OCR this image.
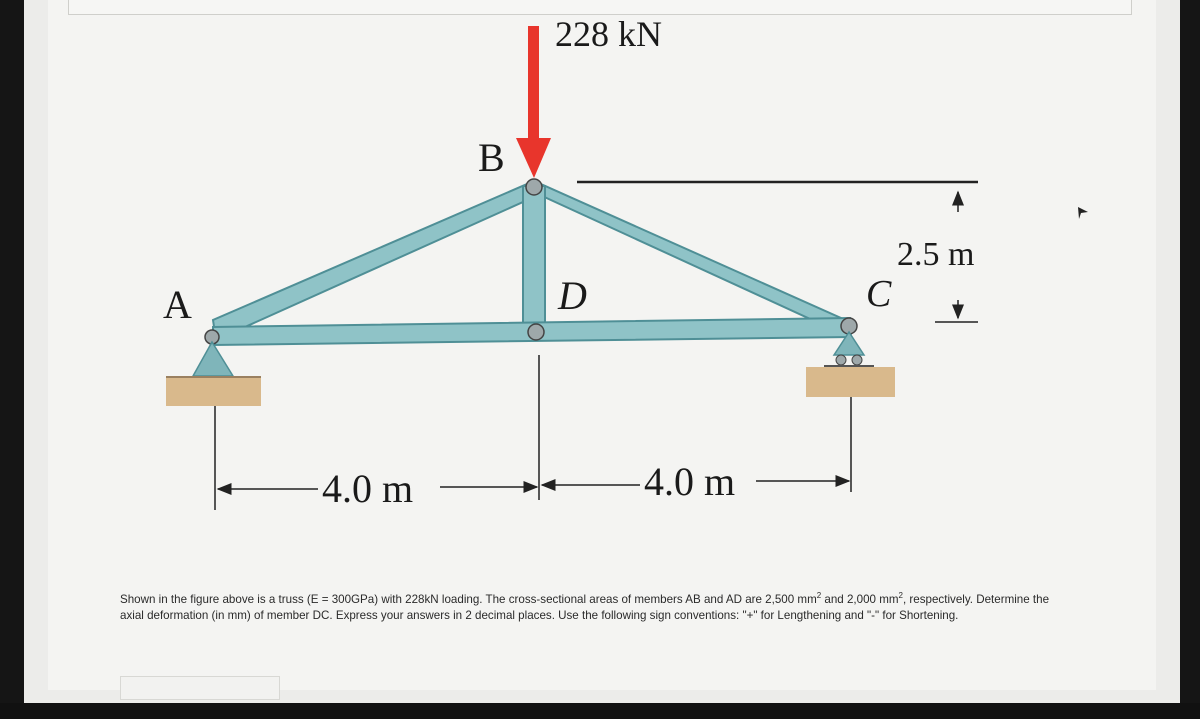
228 kN
2.5 m
A
B
C
D
4.0 m	4.0 m
Shown in the figure above is a truss (E = 300GPa) with 228kN loading. The cross-sectional areas of members AB and AD are 2,500 $mm^2$ and 2,000 $mm^2$, respectively. Determine the axial deformation (in mm) of member DC. Express your answers in 2 decimal places. Use the following sign conventions: "+" for Lengthening and "-" for Shortening.
